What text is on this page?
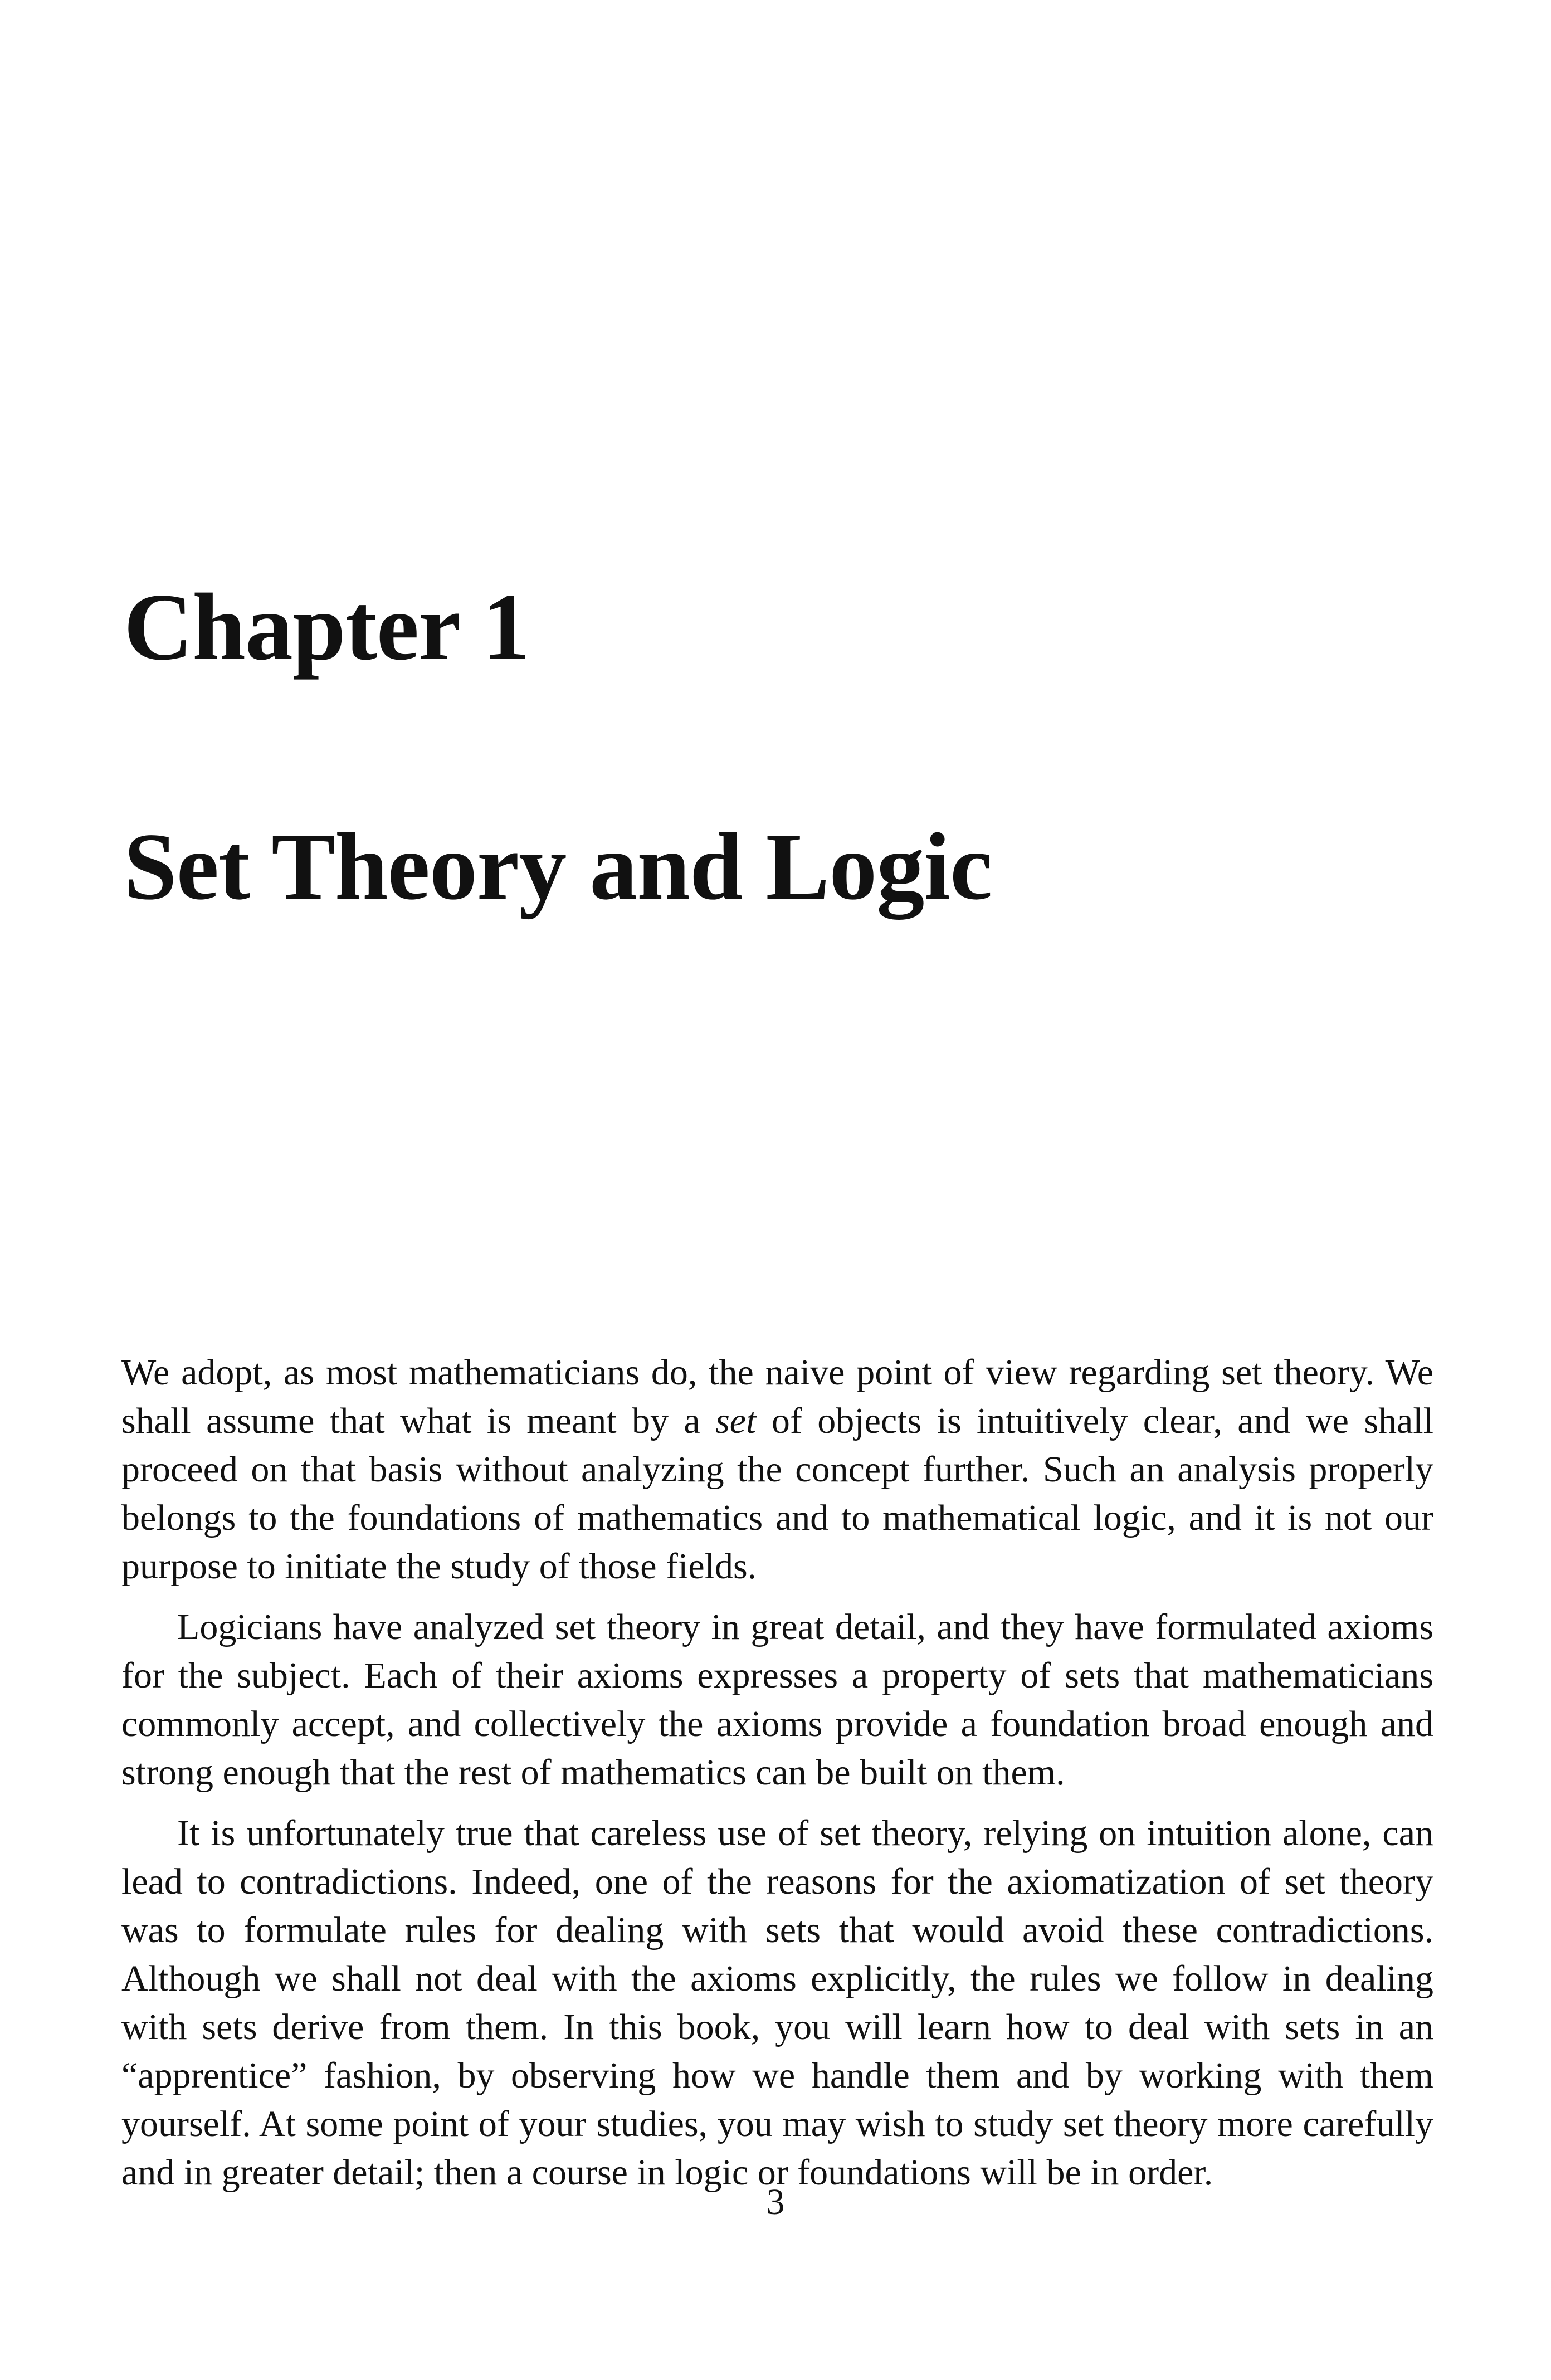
Chapter 1
Set Theory and Logic

We adopt, as most mathematicians do, the naive point of view regarding set theory. We shall assume that what is meant by a set of objects is intuitively clear, and we shall proceed on that basis without analyzing the concept further. Such an analysis properly belongs to the foundations of mathematics and to mathematical logic, and it is not our purpose to initiate the study of those fields.

Logicians have analyzed set theory in great detail, and they have formulated axioms for the subject. Each of their axioms expresses a property of sets that mathematicians commonly accept, and collectively the axioms provide a foundation broad enough and strong enough that the rest of mathematics can be built on them.

It is unfortunately true that careless use of set theory, relying on intuition alone, can lead to contradictions. Indeed, one of the reasons for the axiomatization of set theory was to formulate rules for dealing with sets that would avoid these contradictions. Although we shall not deal with the axioms explicitly, the rules we follow in dealing with sets derive from them. In this book, you will learn how to deal with sets in an “apprentice” fashion, by observing how we handle them and by working with them yourself. At some point of your studies, you may wish to study set theory more carefully and in greater detail; then a course in logic or foundations will be in order.

3
